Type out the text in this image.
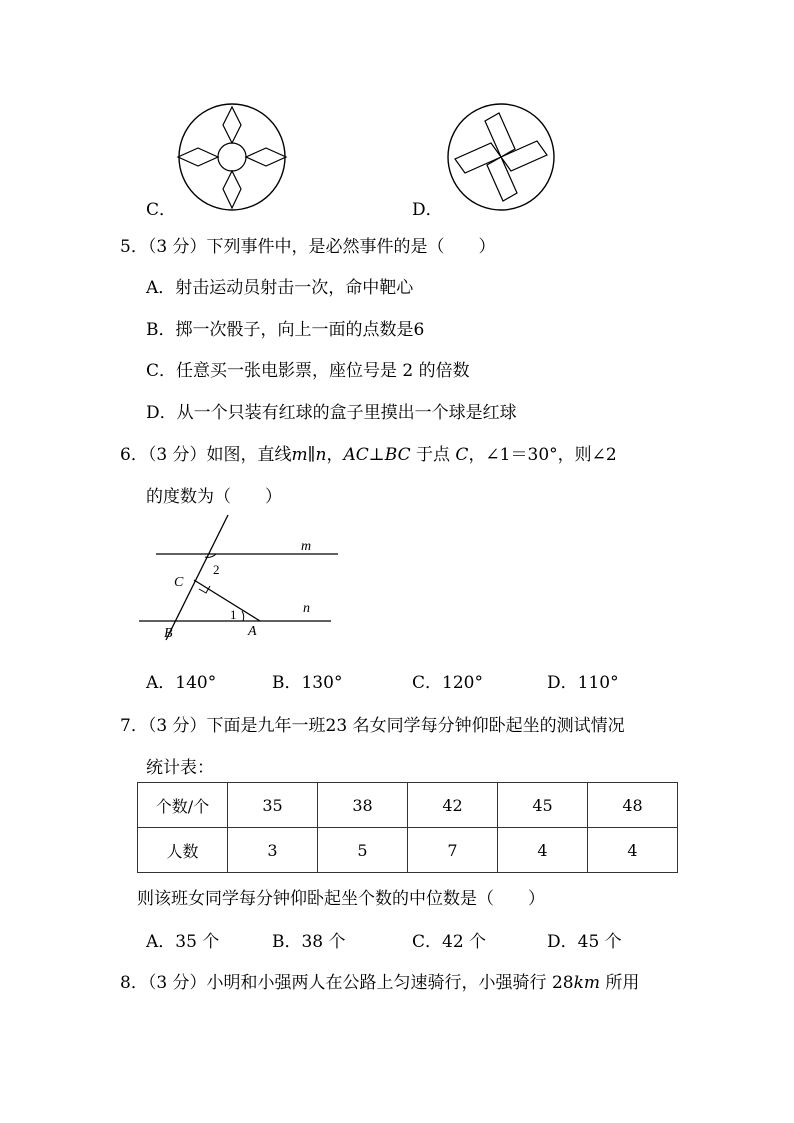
C．	D．
5．（3 分）下列事件中，是必然事件的是（　　）
A．射击运动员射击一次，命中靶心
B．掷一次骰子，向上一面的点数是6
C．任意买一张电影票，座位号是 2 的倍数
D．从一个只装有红球的盒子里摸出一个球是红球
6．（3 分）如图，直线m∥n，AC⊥BC 于点 C，∠1＝30°，则∠2
的度数为（　　）
m
n
C
B	A
1
2
A．140°	B．130°	C．120°	D．110°
7．（3 分）下面是九年一班23 名女同学每分钟仰卧起坐的测试情况
统计表：
个数/个	35	38	42	45	48
人数	3	5	7	4	4
则该班女同学每分钟仰卧起坐个数的中位数是（　　）
A．35 个	B．38 个	C．42 个	D．45 个
8．（3 分）小明和小强两人在公路上匀速骑行，小强骑行 28km 所用
